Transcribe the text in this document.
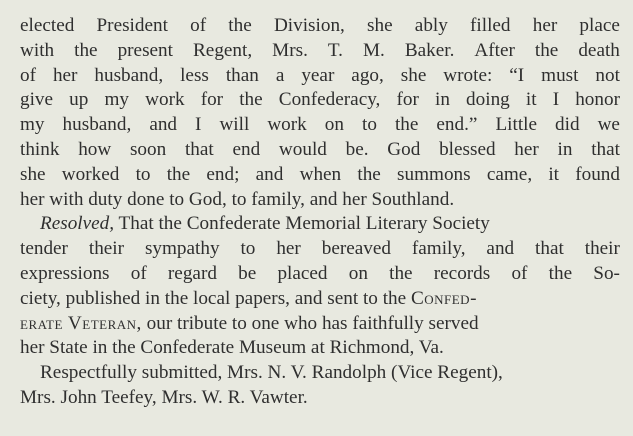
elected President of the Division, she ably filled her place
with the present Regent, Mrs. T. M. Baker. After the death
of her husband, less than a year ago, she wrote: “I must not
give up my work for the Confederacy, for in doing it I honor
my husband, and I will work on to the end.” Little did we
think how soon that end would be. God blessed her in that
she worked to the end; and when the summons came, it found
her with duty done to God, to family, and her Southland.
Resolved, That the Confederate Memorial Literary Society
tender their sympathy to her bereaved family, and that their
expressions of regard be placed on the records of the So-
ciety, published in the local papers, and sent to the Confed-
erate Veteran, our tribute to one who has faithfully served
her State in the Confederate Museum at Richmond, Va.
Respectfully submitted, Mrs. N. V. Randolph (Vice Regent),
Mrs. John Teefey, Mrs. W. R. Vawter.
